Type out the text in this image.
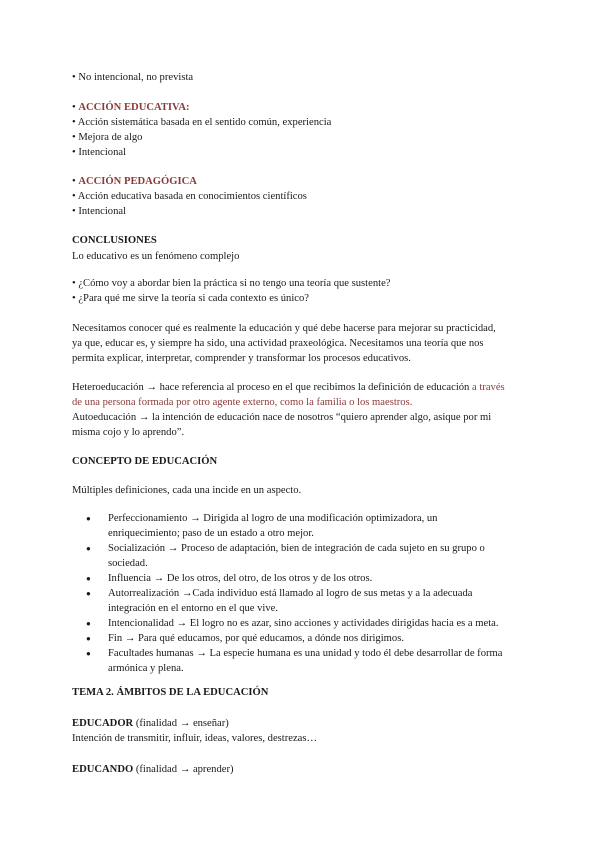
• No intencional, no prevista
• ACCIÓN EDUCATIVA:
• Acción sistemática basada en el sentido común, experiencia
• Mejora de algo
• Intencional
• ACCIÓN PEDAGÓGICA
• Acción educativa basada en conocimientos científicos
• Intencional
CONCLUSIONES
Lo educativo es un fenómeno complejo
• ¿Cómo voy a abordar bien la práctica si no tengo una teoría que sustente?
• ¿Para qué me sirve la teoría si cada contexto es único?
Necesitamos conocer qué es realmente la educación y qué debe hacerse para mejorar su practicidad,
ya que, educar es, y siempre ha sido, una actividad praxeológica. Necesitamos una teoría que nos
permita explicar, interpretar, comprender y transformar los procesos educativos.
Heteroeducación → hace referencia al proceso en el que recibimos la definición de educación a través
de una persona formada por otro agente externo, como la familia o los maestros.
Autoeducación → la intención de educación nace de nosotros “quiero aprender algo, asique por mi
misma cojo y lo aprendo”.
CONCEPTO DE EDUCACIÓN
Múltiples definiciones, cada una incide en un aspecto.
● Perfeccionamiento → Dirigida al logro de una modificación optimizadora, un
enriquecimiento; paso de un estado a otro mejor.
● Socialización → Proceso de adaptación, bien de integración de cada sujeto en su grupo o
sociedad.
● Influencia → De los otros, del otro, de los otros y de los otros.
● Autorrealización →Cada individuo está llamado al logro de sus metas y a la adecuada
integración en el entorno en el que vive.
● Intencionalidad → El logro no es azar, sino acciones y actividades dirigidas hacia es a meta.
● Fin → Para qué educamos, por qué educamos, a dónde nos dirigimos.
● Facultades humanas → La especie humana es una unidad y todo él debe desarrollar de forma
armónica y plena.
TEMA 2. ÁMBITOS DE LA EDUCACIÓN
EDUCADOR (finalidad → enseñar)
Intención de transmitir, influir, ideas, valores, destrezas…
EDUCANDO (finalidad → aprender)
